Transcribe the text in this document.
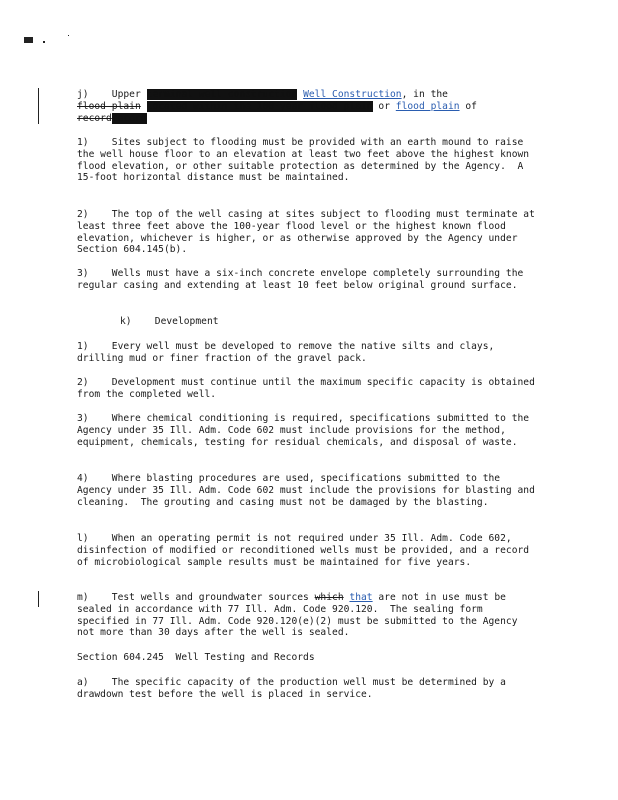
j) Upper terminal well construction Well Construction, in the
flood plain located within the 100-year flood plain or flood plain of
recordrecord

1)    Sites subject to flooding must be provided with an earth mound to raise the well house floor to an elevation at least two feet above the highest known flood elevation, or other suitable protection as determined by the Agency.  A 15-foot horizontal distance must be maintained.

2)    The top of the well casing at sites subject to flooding must terminate at least three feet above the 100-year flood level or the highest known flood elevation, whichever is higher, or as otherwise approved by the Agency under Section 604.145(b).

3)    Wells must have a six-inch concrete envelope completely surrounding the regular casing and extending at least 10 feet below original ground surface.

k)    Development

1)    Every well must be developed to remove the native silts and clays, drilling mud or finer fraction of the gravel pack.

2)    Development must continue until the maximum specific capacity is obtained from the completed well.

3)    Where chemical conditioning is required, specifications submitted to the Agency under 35 Ill. Adm. Code 602 must include provisions for the method, equipment, chemicals, testing for residual chemicals, and disposal of waste.

4)    Where blasting procedures are used, specifications submitted to the Agency under 35 Ill. Adm. Code 602 must include the provisions for blasting and cleaning.  The grouting and casing must not be damaged by the blasting.

l)    When an operating permit is not required under 35 Ill. Adm. Code 602, disinfection of modified or reconditioned wells must be provided, and a record of microbiological sample results must be maintained for five years.

m)    Test wells and groundwater sources which that are not in use must be sealed in accordance with 77 Ill. Adm. Code 920.120.  The sealing form specified in 77 Ill. Adm. Code 920.120(e)(2) must be submitted to the Agency not more than 30 days after the well is sealed.

Section 604.245  Well Testing and Records

a)    The specific capacity of the production well must be determined by a drawdown test before the well is placed in service.
